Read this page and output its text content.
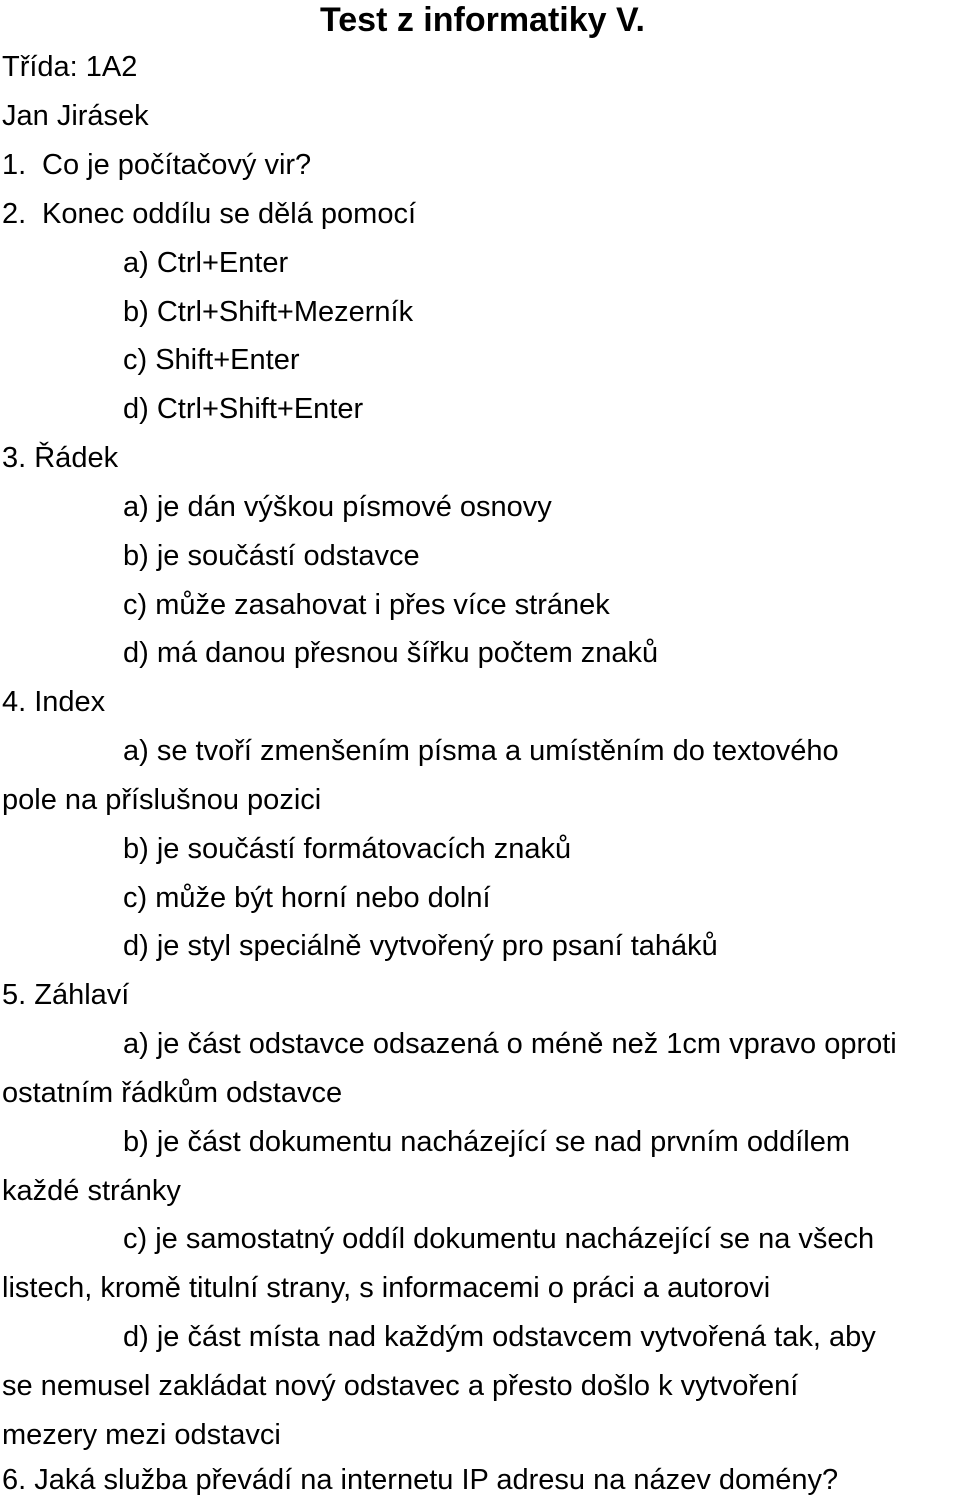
Test z informatiky V.
Třída: 1A2
Jan Jirásek
1. Co je počítačový vir?
2. Konec oddílu se dělá pomocí
a) Ctrl+Enter
b) Ctrl+Shift+Mezerník
c) Shift+Enter
d) Ctrl+Shift+Enter
3. Řádek
a) je dán výškou písmové osnovy
b) je součástí odstavce
c) může zasahovat i přes více stránek
d) má danou přesnou šířku počtem znaků
4. Index
a) se tvoří zmenšením písma a umístěním do textového
pole na příslušnou pozici
b) je součástí formátovacích znaků
c) může být horní nebo dolní
d) je styl speciálně vytvořený pro psaní taháků
5. Záhlaví
a) je část odstavce odsazená o méně než 1cm vpravo oproti
ostatním řádkům odstavce
b) je část dokumentu nacházející se nad prvním oddílem
každé stránky
c) je samostatný oddíl dokumentu nacházející se na všech
listech, kromě titulní strany, s informacemi o práci a autorovi
d) je část místa nad každým odstavcem vytvořená tak, aby
se nemusel zakládat nový odstavec a přesto došlo k vytvoření
mezery mezi odstavci
6. Jaká služba převádí na internetu IP adresu na název domény?
